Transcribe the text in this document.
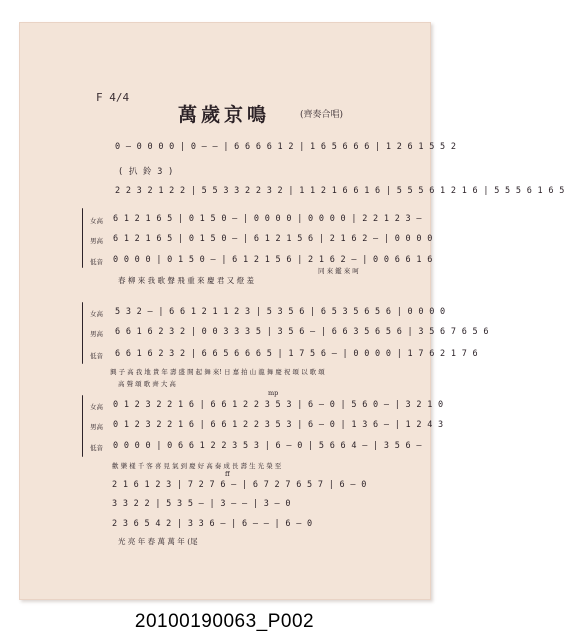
F 4/4
萬歲京鳴	(齊奏合唱)
0 — 0 0 0 0 | 0 — — | 6 6 6 6 1 2 | 1 6 5 6 6 6 | 1 2 6 1 5 5 2
( 扒 鈴 3 )
2 2 3 2 1 2 2 | 5 5 3 3 2 2 3 2 | 1 1 2 1 6 6 1 6 | 5 5 5 6 1 2 1 6 | 5 5 5 6 1 6 5
女高
男高
低音
6 1 2 1 6 5 | 0 1 5 0 — | 0 0 0 0 | 0 0 0 0 | 2 2 1 2 3 —
6 1 2 1 6 5 | 0 1 5 0 — | 6 1 2 1 5 6 | 2 1 6 2 — | 0 0 0 0
0 0 0 0 | 0 1 5 0 — | 6 1 2 1 5 6 | 2 1 6 2 — | 0 0 6 6 1 6
春 柳 來 我 歌 聲 飛 重 來 慶 君 又 燈 羞
同 來 鑑 來 呵
女高
男高
低音
5 3 2 — | 6 6 1 2 1 1 2 3 | 5 3 5 6 | 6 5 3 5 6 5 6 | 0 0 0 0
6 6 1 6 2 3 2 | 0 0 3 3 3 5 | 3 5 6 — | 6 6 3 5 6 5 6 | 3 5 6 7 6 5 6
6 6 1 6 2 3 2 | 6 6 5 6 6 6 5 | 1 7 5 6 — | 0 0 0 0 | 1 7 6 2 1 7 6
興 子 高 我 地 貴 年 壽 盛 開 起 舞 來! 日 嘉 拍 山 龍 舞 慶 祝 頌 以 歌 頌
高 聲 頌 歌 齊 大 高
mp
女高
男高
低音
0 1 2 3 2 2 1 6 | 6 6 1 2 2 3 5 3 | 6 — 0 | 5 6 0 — | 3 2 1 0
0 1 2 3 2 2 1 6 | 6 6 1 2 2 3 5 3 | 6 — 0 | 1 3 6 — | 1 2 4 3
0 0 0 0 | 0 6 6 1 2 2 3 5 3 | 6 — 0 | 5 6 6 4 — | 3 5 6 —
歡 樂 樣 千 客 喜 見 氣 到 慶 好 高 奏 成 長 壽 生 光 榮 至
2 1 6 1 2 3 | 7 2 7 6 — | 6 7 2 7 6 5 7 | 6 — 0
ff
3 3 2 2 | 5 3 5 — | 3 — — | 3 — 0
2 3 6 5 4 2 | 3 3 6 — | 6 — — | 6 — 0
光 亮 年 春 萬 萬 年 (尾
20100190063_P002
